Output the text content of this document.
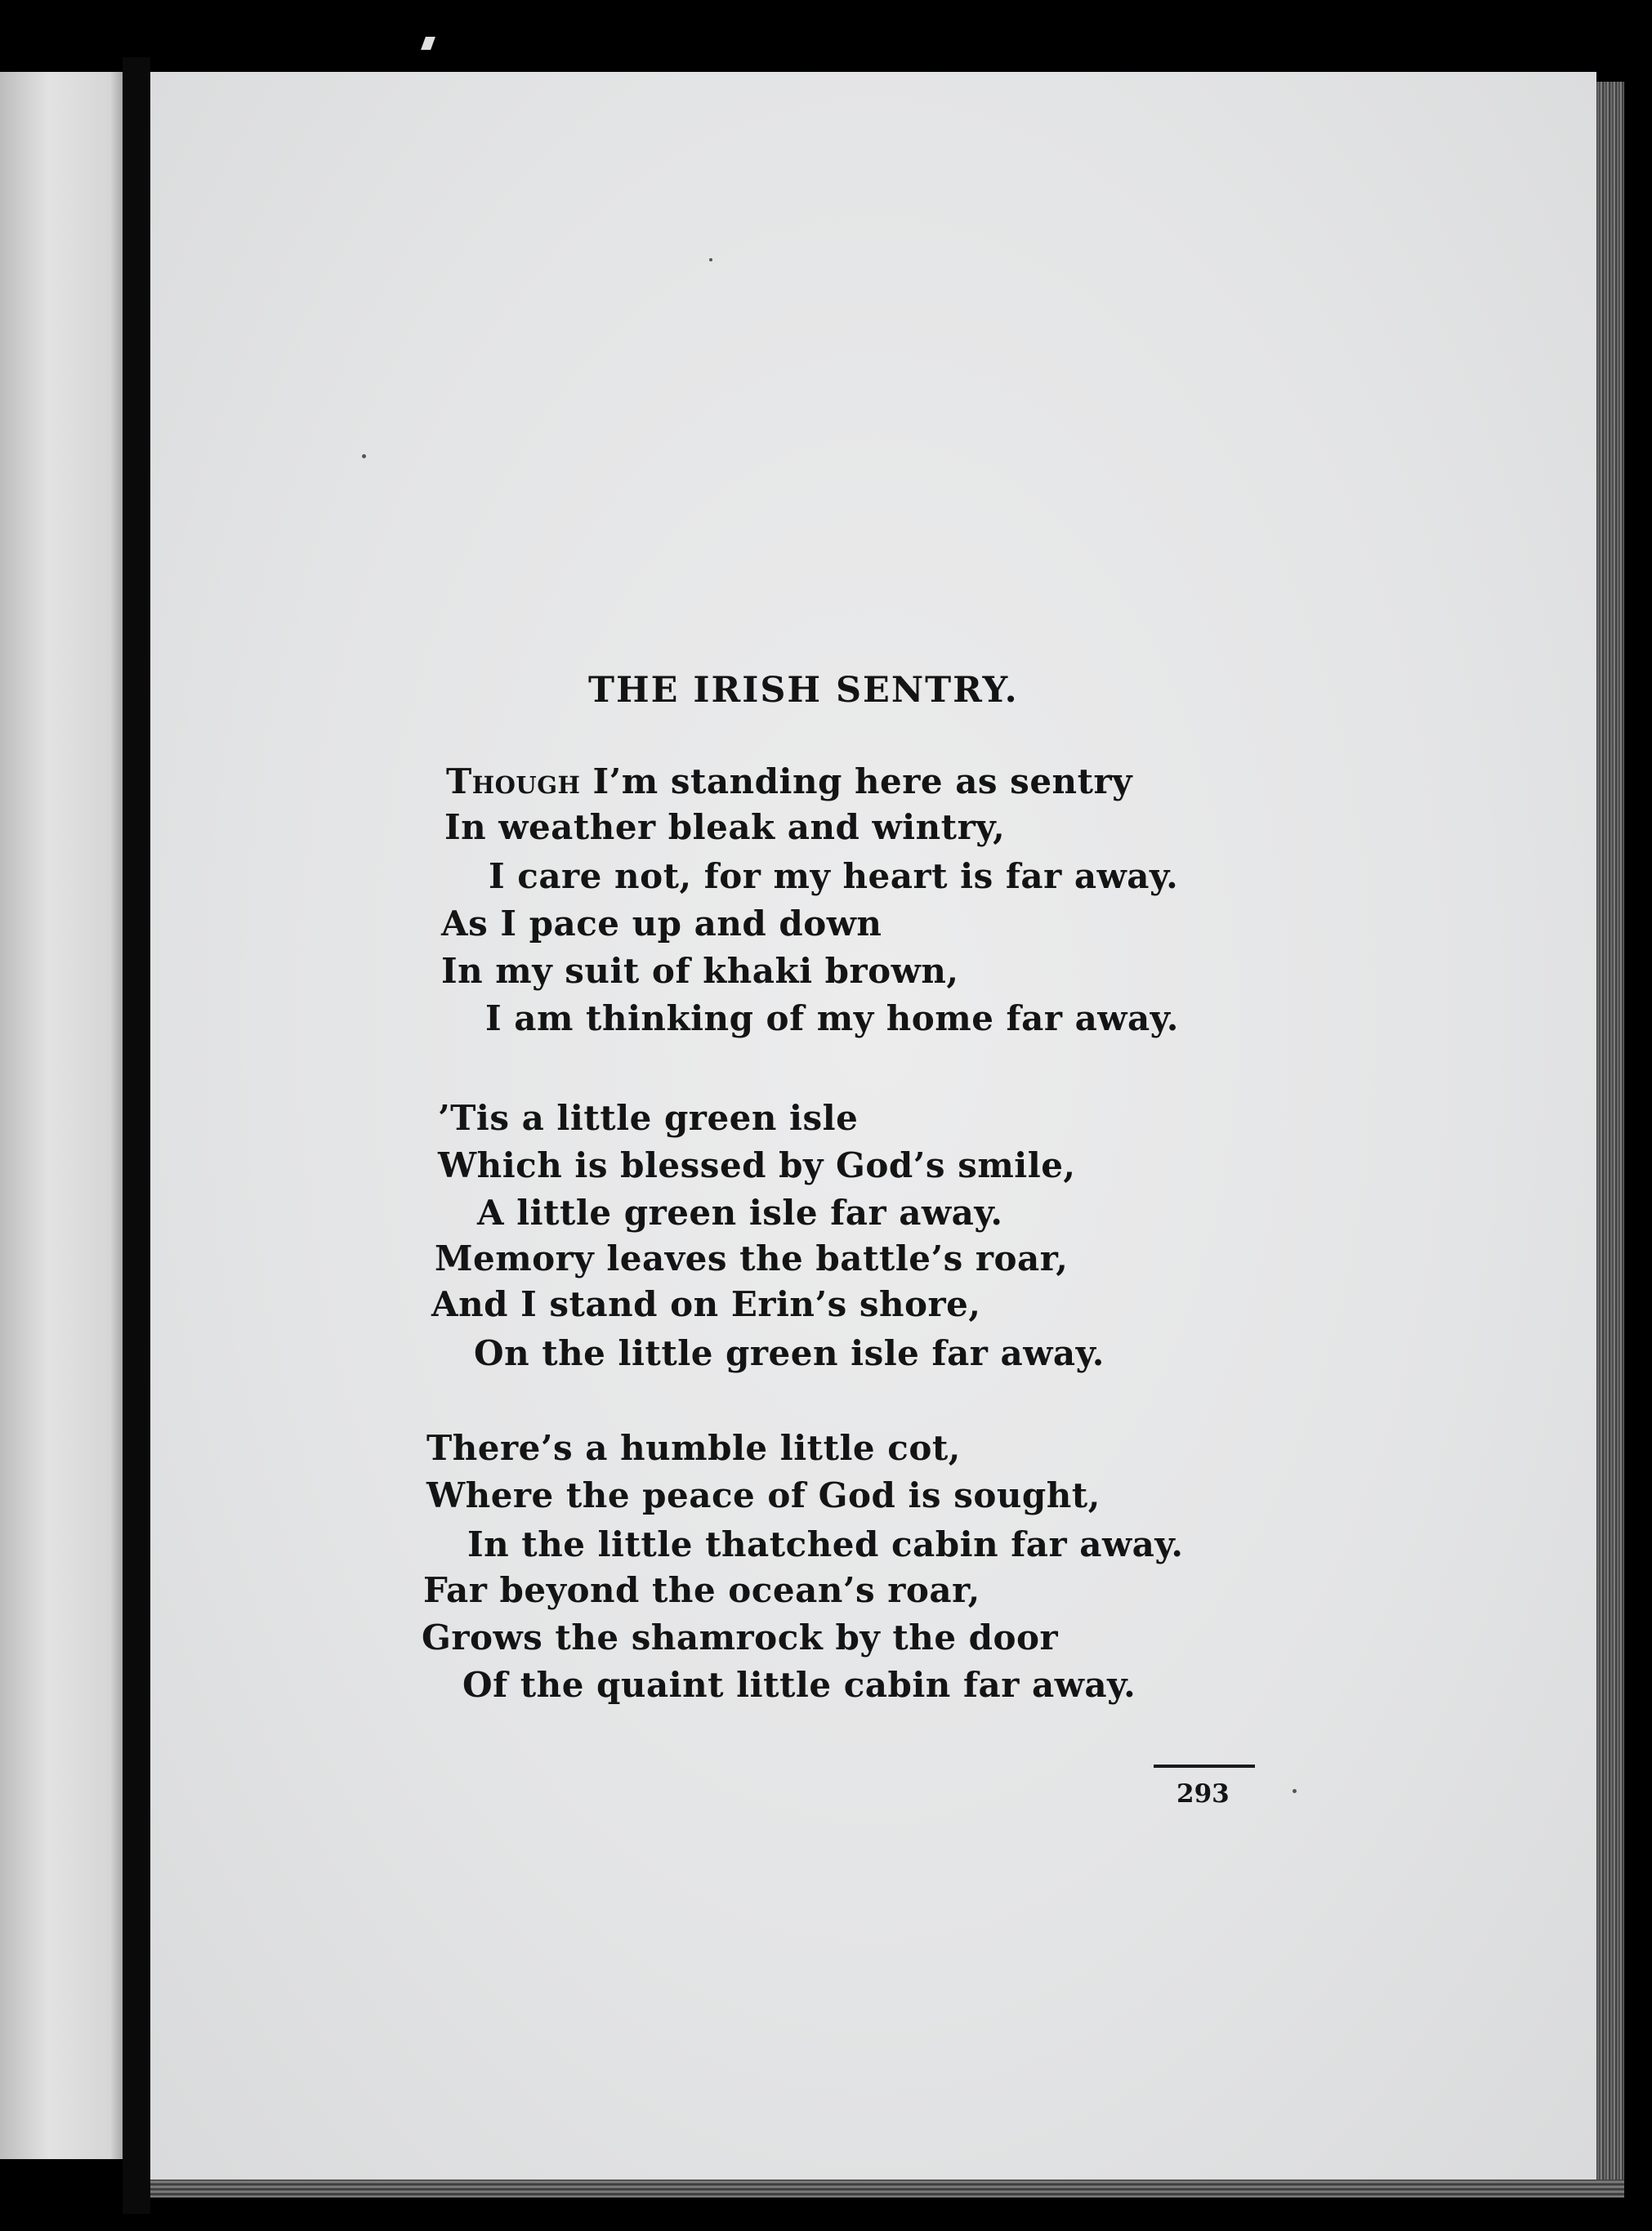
THE IRISH SENTRY.
Though I’m standing here as sentry
In weather bleak and wintry,
I care not, for my heart is far away.
As I pace up and down
In my suit of khaki brown,
I am thinking of my home far away.
’Tis a little green isle
Which is blessed by God’s smile,
A little green isle far away.
Memory leaves the battle’s roar,
And I stand on Erin’s shore,
On the little green isle far away.
There’s a humble little cot,
Where the peace of God is sought,
In the little thatched cabin far away.
Far beyond the ocean’s roar,
Grows the shamrock by the door
Of the quaint little cabin far away.
293
